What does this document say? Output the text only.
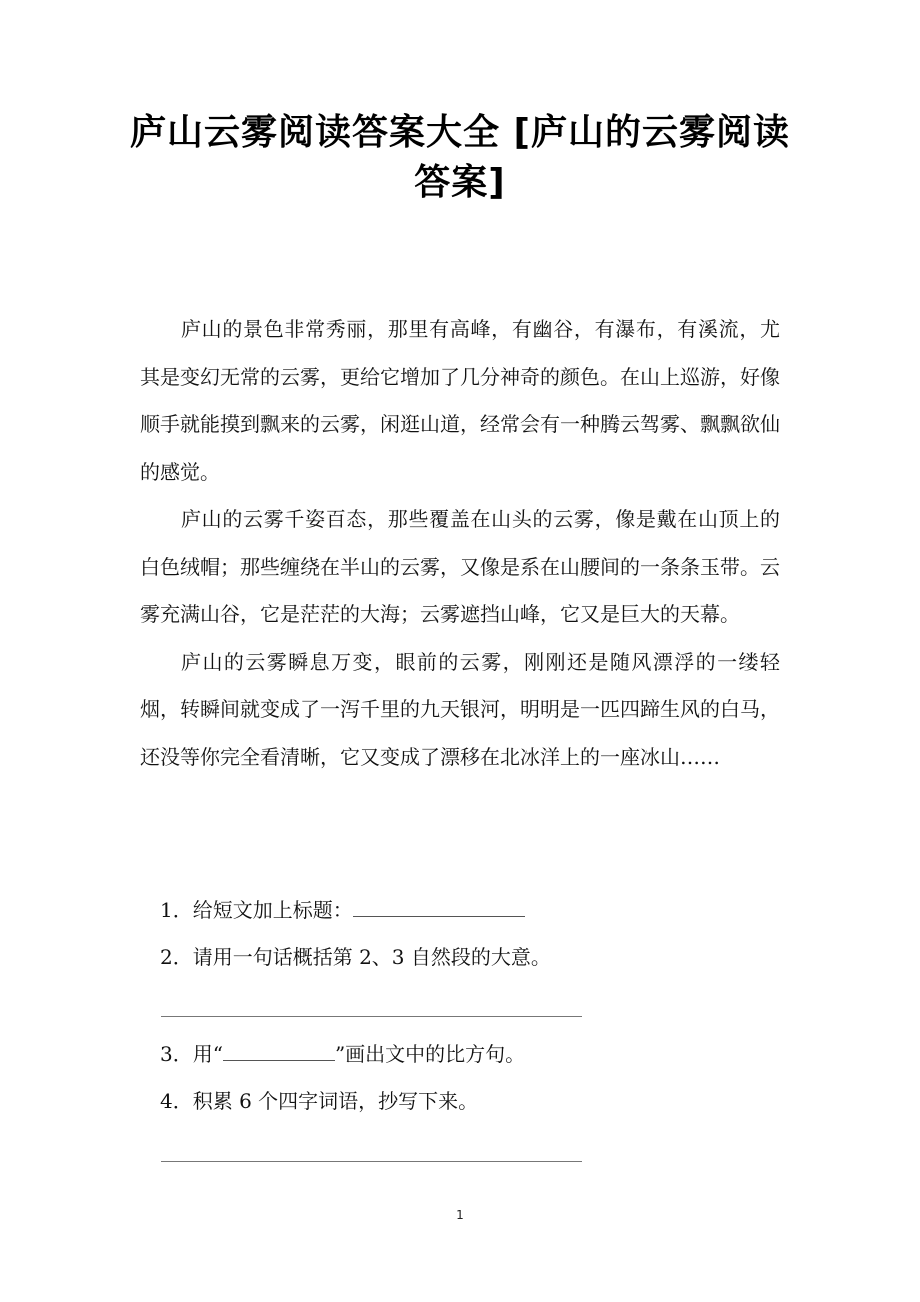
庐山云雾阅读答案大全 [庐山的云雾阅读答案]

庐山的景色非常秀丽，那里有高峰，有幽谷，有瀑布，有溪流，尤其是变幻无常的云雾，更给它增加了几分神奇的颜色。在山上巡游，好像顺手就能摸到飘来的云雾，闲逛山道，经常会有一种腾云驾雾、飘飘欲仙的感觉。

庐山的云雾千姿百态，那些覆盖在山头的云雾，像是戴在山顶上的白色绒帽；那些缠绕在半山的云雾，又像是系在山腰间的一条条玉带。云雾充满山谷，它是茫茫的大海；云雾遮挡山峰，它又是巨大的天幕。

庐山的云雾瞬息万变，眼前的云雾，刚刚还是随风漂浮的一缕轻烟，转瞬间就变成了一泻千里的九天银河，明明是一匹四蹄生风的白马，还没等你完全看清晰，它又变成了漂移在北冰洋上的一座冰山……

1．给短文加上标题：
2．请用一句话概括第 2、3 自然段的大意。
3．用“	”画出文中的比方句。
4．积累 6 个四字词语，抄写下来。
1
